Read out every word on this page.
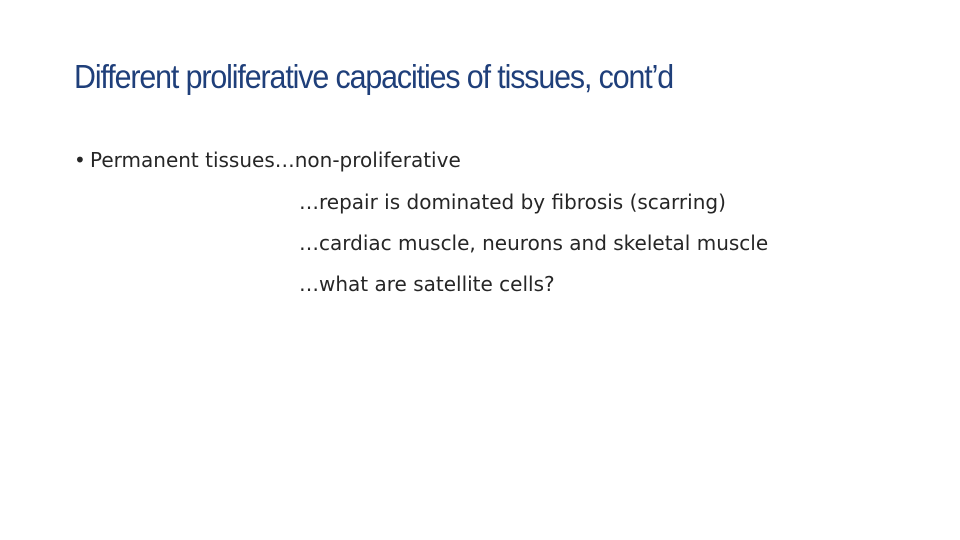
Different proliferative capacities of tissues, cont’d
• Permanent tissues…non-proliferative
…repair is dominated by fibrosis (scarring)
…cardiac muscle, neurons and skeletal muscle
…what are satellite cells?
